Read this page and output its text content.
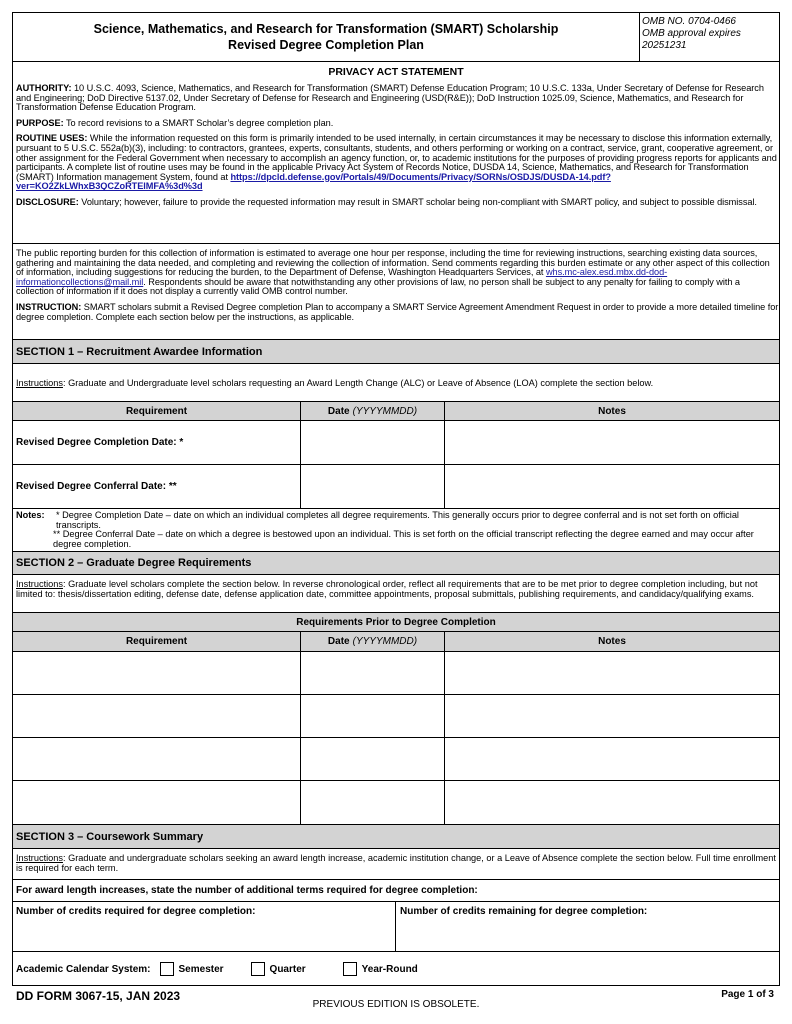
Science, Mathematics, and Research for Transformation (SMART) Scholarship
Revised Degree Completion Plan
OMB NO. 0704-0466
OMB approval expires
20251231
PRIVACY ACT STATEMENT

AUTHORITY: 10 U.S.C. 4093, Science, Mathematics, and Research for Transformation (SMART) Defense Education Program; 10 U.S.C. 133a, Under Secretary of Defense for Research and Engineering; DoD Directive 5137.02, Under Secretary of Defense for Research and Engineering (USD(R&E)); DoD Instruction 1025.09, Science, Mathematics, and Research for Transformation Defense Education Program.

PURPOSE: To record revisions to a SMART Scholar’s degree completion plan.

ROUTINE USES: While the information requested on this form is primarily intended to be used internally, in certain circumstances it may be necessary to disclose this information externally, pursuant to 5 U.S.C. 552a(b)(3), including: to contractors, grantees, experts, consultants, students, and others performing or working on a contract, service, grant, cooperative agreement, or other assignment for the Federal Government when necessary to accomplish an agency function, or, to academic institutions for the purposes of providing progress reports for applicants and participants. A complete list of routine uses may be found in the applicable Privacy Act System of Records Notice, DUSDA 14, Science, Mathematics, and Research for Transformation (SMART) Information management System, found at https://dpcld.defense.gov/Portals/49/Documents/Privacy/SORNs/OSDJS/DUSDA-14.pdf?ver=KO2ZkLWhxB3QCZoRTElMFA%3d%3d

DISCLOSURE: Voluntary; however, failure to provide the requested information may result in SMART scholar being non-compliant with SMART policy, and subject to possible dismissal.

The public reporting burden for this collection of information is estimated to average one hour per response, including the time for reviewing instructions, searching existing data sources, gathering and maintaining the data needed, and completing and reviewing the collection of information. Send comments regarding this burden estimate or any other aspect of this collection of information, including suggestions for reducing the burden, to the Department of Defense, Washington Headquarters Services, at whs.mc-alex.esd.mbx.dd-dod-informationcollections@mail.mil. Respondents should be aware that notwithstanding any other provisions of law, no person shall be subject to any penalty for failing to comply with a collection of information if it does not display a currently valid OMB control number.

INSTRUCTION: SMART scholars submit a Revised Degree completion Plan to accompany a SMART Service Agreement Amendment Request in order to provide a more detailed timeline for degree completion. Complete each section below per the instructions, as applicable.

SECTION 1 – Recruitment Awardee Information
Instructions: Graduate and Undergraduate level scholars requesting an Award Length Change (ALC) or Leave of Absence (LOA) complete the section below.
Requirement	Date (YYYYMMDD)	Notes
Revised Degree Completion Date: *
Revised Degree Conferral Date: **
Notes:	* Degree Completion Date – date on which an individual completes all degree requirements. This generally occurs prior to degree conferral and is not set forth on official transcripts.
** Degree Conferral Date – date on which a degree is bestowed upon an individual. This is set forth on the official transcript reflecting the degree earned and may occur after degree completion.
SECTION 2 – Graduate Degree Requirements
Instructions: Graduate level scholars complete the section below. In reverse chronological order, reflect all requirements that are to be met prior to degree completion including, but not limited to: thesis/dissertation editing, defense date, defense application date, committee appointments, proposal submittals, publishing requirements, and candidacy/qualifying exams.
Requirements Prior to Degree Completion
Requirement	Date (YYYYMMDD)	Notes
SECTION 3 – Coursework Summary
Instructions: Graduate and undergraduate scholars seeking an award length increase, academic institution change, or a Leave of Absence complete the section below. Full time enrollment is required for each term.
For award length increases, state the number of additional terms required for degree completion:
Number of credits required for degree completion:	Number of credits remaining for degree completion:
Academic Calendar System:	Semester	Quarter	Year-Round
DD FORM 3067-15, JAN 2023
PREVIOUS EDITION IS OBSOLETE.
Page 1 of 3
